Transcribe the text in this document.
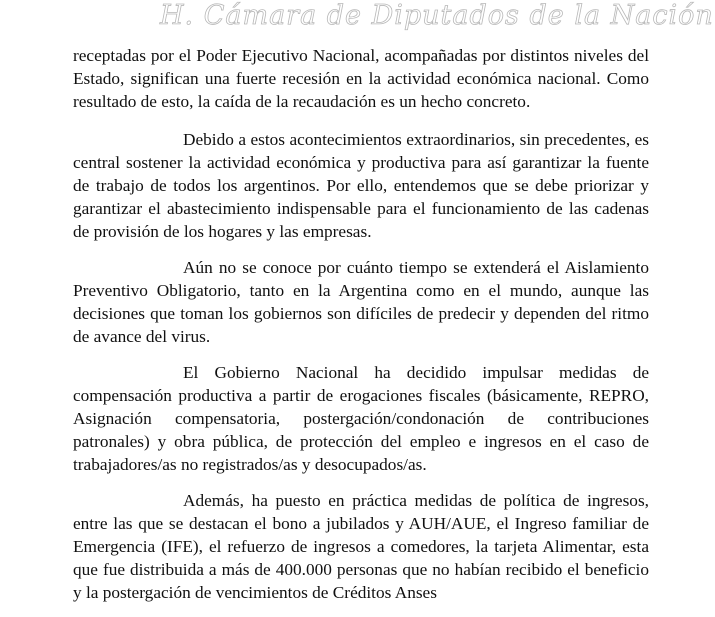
H. Cámara de Diputados de la Nación

receptadas por el Poder Ejecutivo Nacional, acompañadas por distintos niveles del Estado, significan una fuerte recesión en la actividad económica nacional. Como resultado de esto, la caída de la recaudación es un hecho concreto.

Debido a estos acontecimientos extraordinarios, sin precedentes, es central sostener la actividad económica y productiva para así garantizar la fuente de trabajo de todos los argentinos. Por ello, entendemos que se debe priorizar y garantizar el abastecimiento indispensable para el funcionamiento de las cadenas de provisión de los hogares y las empresas.

Aún no se conoce por cuánto tiempo se extenderá el Aislamiento Preventivo Obligatorio, tanto en la Argentina como en el mundo, aunque las decisiones que toman los gobiernos son difíciles de predecir y dependen del ritmo de avance del virus.

El Gobierno Nacional ha decidido impulsar medidas de compensación productiva a partir de erogaciones fiscales (básicamente, REPRO, Asignación compensatoria, postergación/condonación de contribuciones patronales) y obra pública, de protección del empleo e ingresos en el caso de trabajadores/as no registrados/as y desocupados/as.

Además, ha puesto en práctica medidas de política de ingresos, entre las que se destacan el bono a jubilados y AUH/AUE, el Ingreso familiar de Emergencia (IFE), el refuerzo de ingresos a comedores, la tarjeta Alimentar, esta que fue distribuida a más de 400.000 personas que no habían recibido el beneficio y la postergación de vencimientos de Créditos Anses
